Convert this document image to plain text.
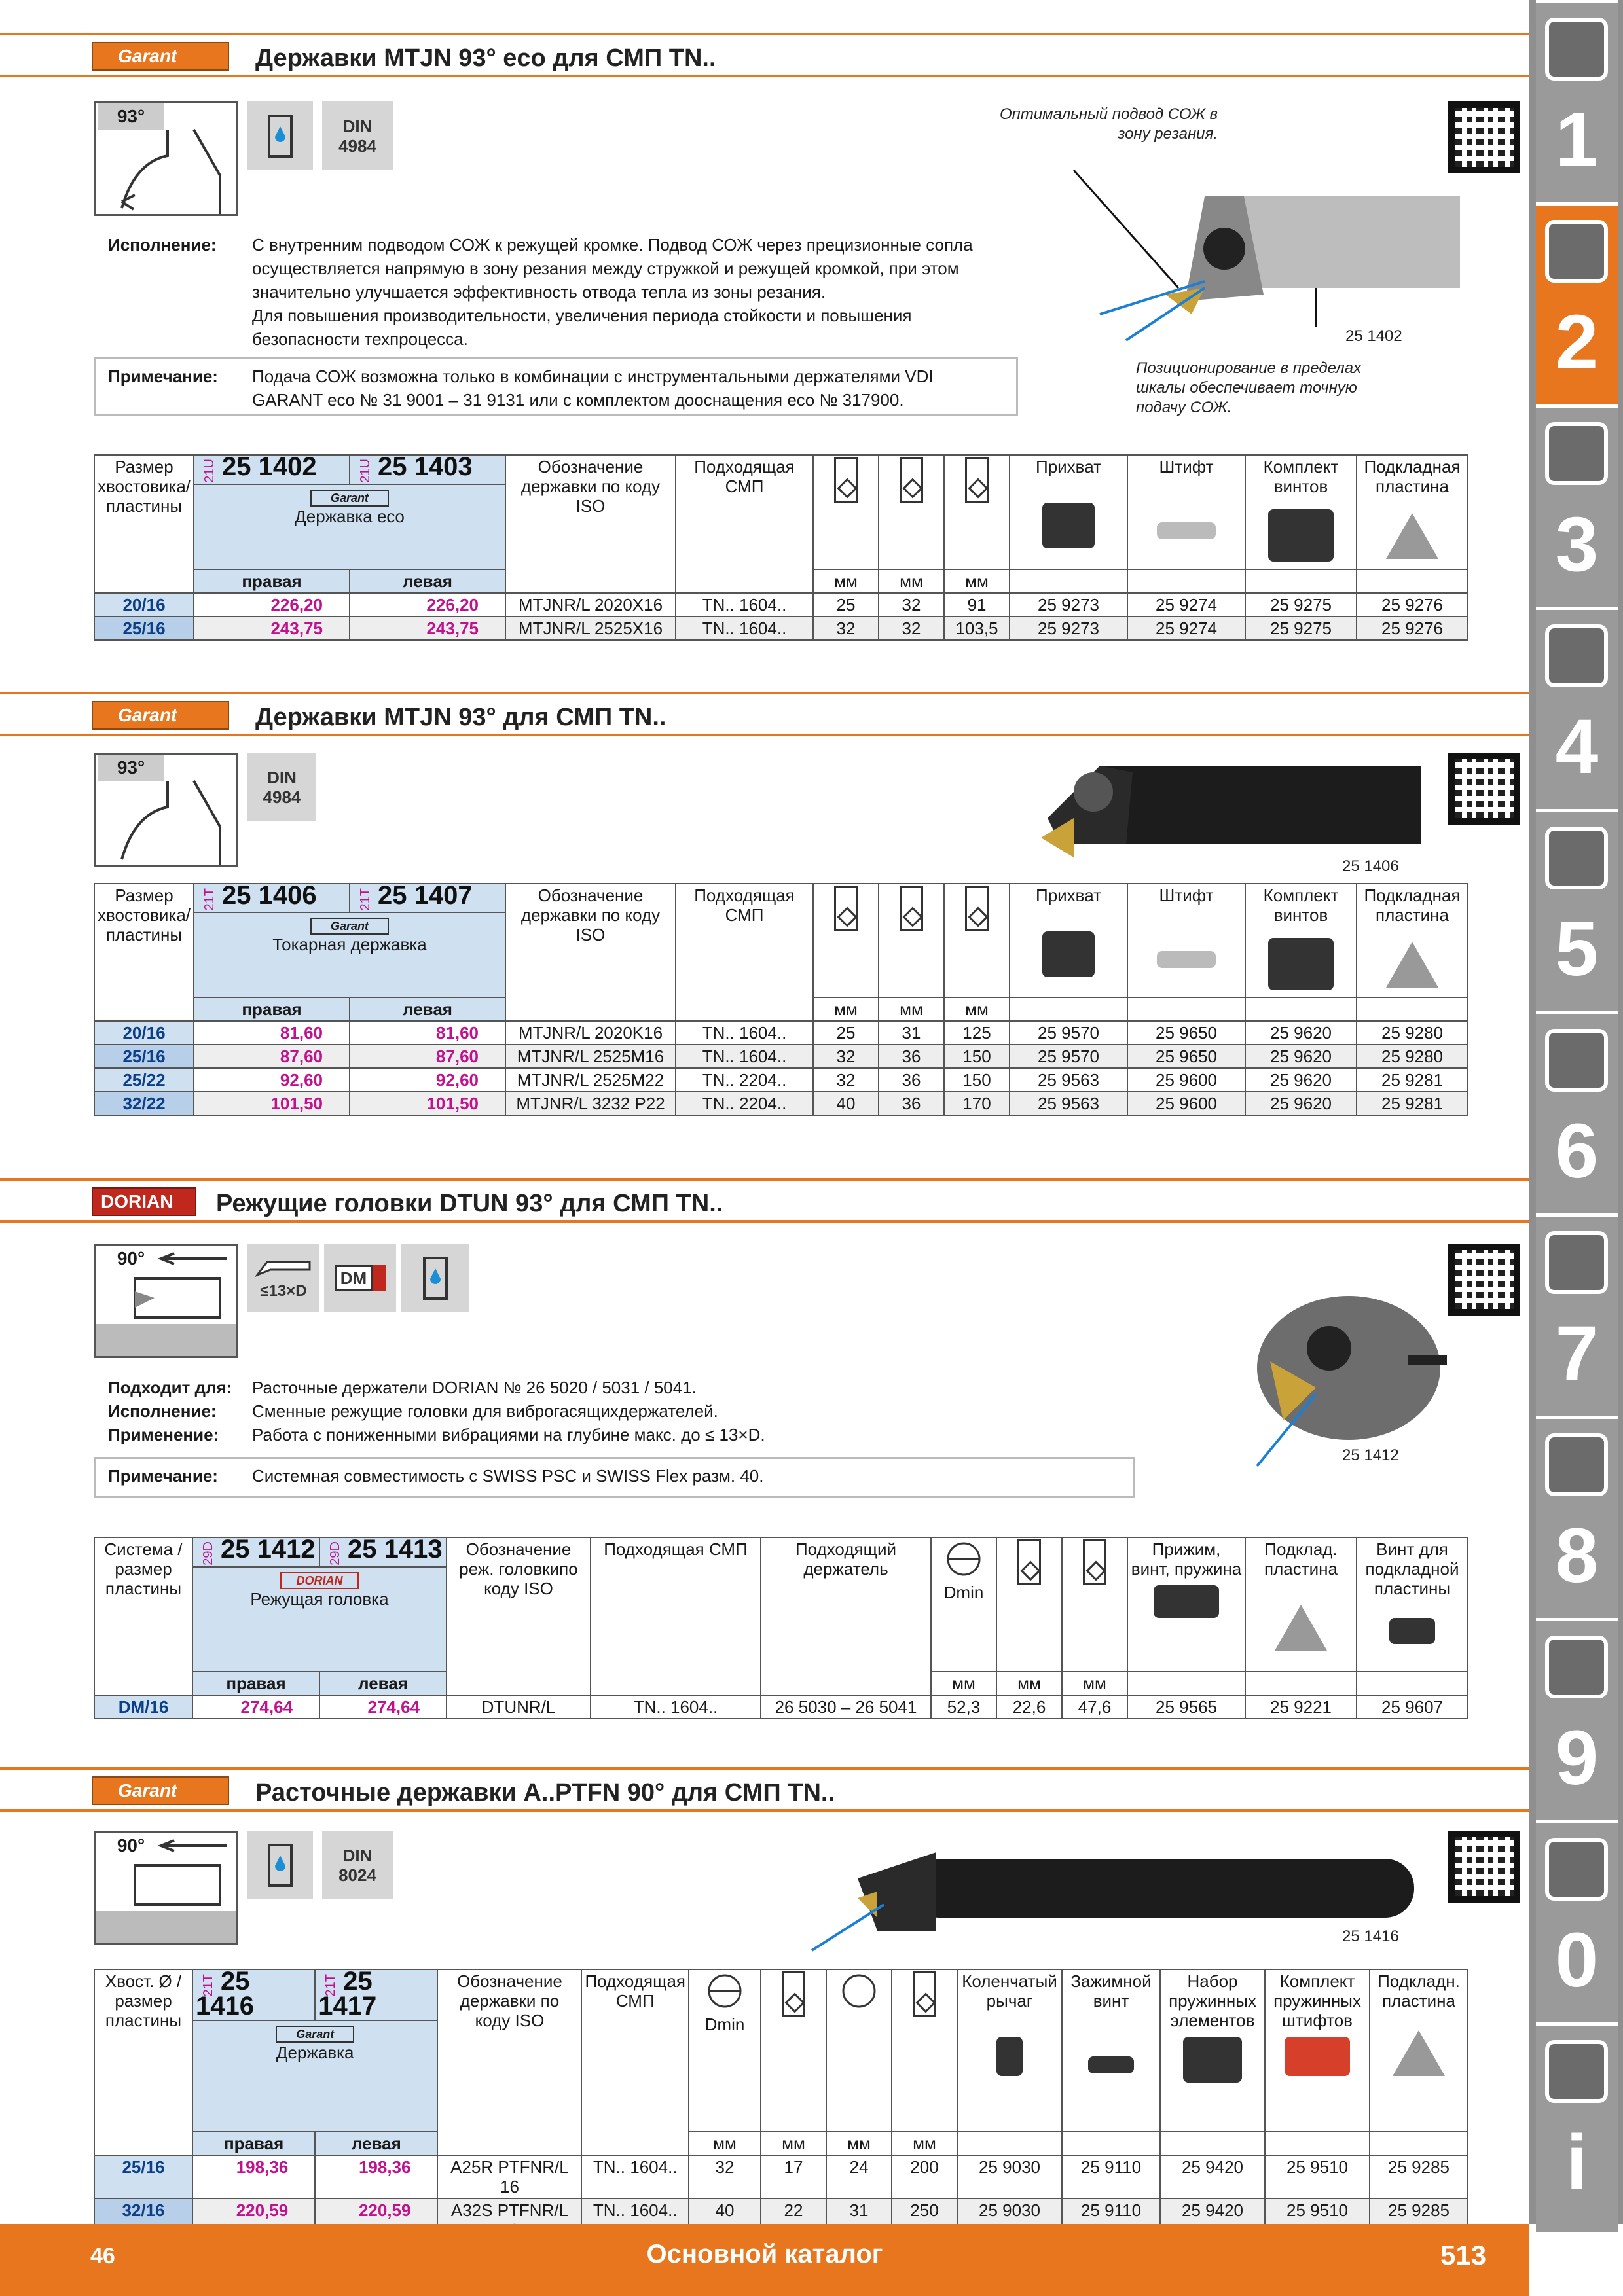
1
2
3
4
5
6
7
8
9
0
i
Garant	Державки MTJN 93° eco для СМП TN..
93°	DIN
4984
Оптимальный подвод СОЖ в зону резания.
25 1402
Позиционирование в пределах шкалы обеспечивает точную подачу СОЖ.
Исполнение:	С внутренним подводом СОЖ к режущей кромке. Подвод СОЖ через прецизионные сопла
осуществляется напрямую в зону резания между стружкой и режущей кромкой, при этом
значительно улучшается эффективность отвода тепла из зоны резания.
Для повышения производительности, увеличения периода стойкости и повышения
безопасности техпроцесса.
Примечание:	Подача СОЖ возможна только в комбинации с инструментальными держателями VDI
GARANT eco № 31 9001 – 31 9131 или с комплектом дооснащения eco № 317900.
Размер хвостовика/ пластины	21U 25 1402	21U 25 1403	Обозначение державки по коду ISO	Подходящая СМП				Прихват	Штифт	Комплект винтов	Подкладная пластина

	Garant
Державка eco										
	правая	левая			мм	мм	мм				
20/16	226,20	226,20	MTJNR/L 2020X16	TN.. 1604..	25	32	91	25 9273	25 9274	25 9275	25 9276
25/16	243,75	243,75	MTJNR/L 2525X16	TN.. 1604..	32	32	103,5	25 9273	25 9274	25 9275	25 9276
Garant	Державки MTJN 93° для СМП TN..
93°	DIN
4984
25 1406
Размер хвостовика/ пластины	21T 25 1406	21T 25 1407	Обозначение державки по коду ISO	Подходящая СМП				Прихват	Штифт	Комплект винтов	Подкладная пластина

	Garant
Токарная державка										
	правая	левая			мм	мм	мм				
20/16	81,60	81,60	MTJNR/L 2020K16	TN.. 1604..	25	31	125	25 9570	25 9650	25 9620	25 9280
25/16	87,60	87,60	MTJNR/L 2525M16	TN.. 1604..	32	36	150	25 9570	25 9650	25 9620	25 9280
25/22	92,60	92,60	MTJNR/L 2525M22	TN.. 2204..	32	36	150	25 9563	25 9600	25 9620	25 9281
32/22	101,50	101,50	MTJNR/L 3232 P22	TN.. 2204..	40	36	170	25 9563	25 9600	25 9620	25 9281
DORIAN	Режущие головки DTUN 93° для СМП TN..
90°
≤13×D
DM
25 1412
Подходит для:	Расточные держатели DORIAN № 26 5020 / 5031 / 5041.
Исполнение:	Сменные режущие головки для виброгасящихдержателей.
Применение:	Работа с пониженными вибрациями на глубине макс. до ≤ 13×D.
Примечание:	Системная совместимость с SWISS PSC и SWISS Flex разм. 40.
Система / размер пластины	29D 25 1412	29D 25 1413	Обозначение реж. головкипо коду ISO	Подходящая СМП	Подходящий держатель	Dmin			Прижим, винт, пружина	Подклад. пластина	Винт для подкладной пластины

	DORIAN
Режущая головка										
	правая	левая				мм	мм	мм			
DM/16	274,64	274,64	DTUNR/L	TN.. 1604..	26 5030 – 26 5041	52,3	22,6	47,6	25 9565	25 9221	25 9607
Garant	Расточные державки A..PTFN 90° для СМП TN..
90°	DIN
8024
25 1416
Хвост. Ø / размер пластины	21T 25 1416	21T 25 1417	Обозначение державки по коду ISO	Подходящая СМП	Dmin				Коленчатый рычаг	Зажимной винт	Набор пружинных элементов	Комплект пружинных штифтов	Подкладн. пластина

	Garant
Державка												
	правая	левая			мм	мм	мм	мм					
25/16	198,36	198,36	A25R PTFNR/L 16	TN.. 1604..	32	17	24	200	25 9030	25 9110	25 9420	25 9510	25 9285
32/16	220,59	220,59	A32S PTFNR/L	TN.. 1604..	40	22	31	250	25 9030	25 9110	25 9420	25 9510	25 9285
46	Основной каталог	513
